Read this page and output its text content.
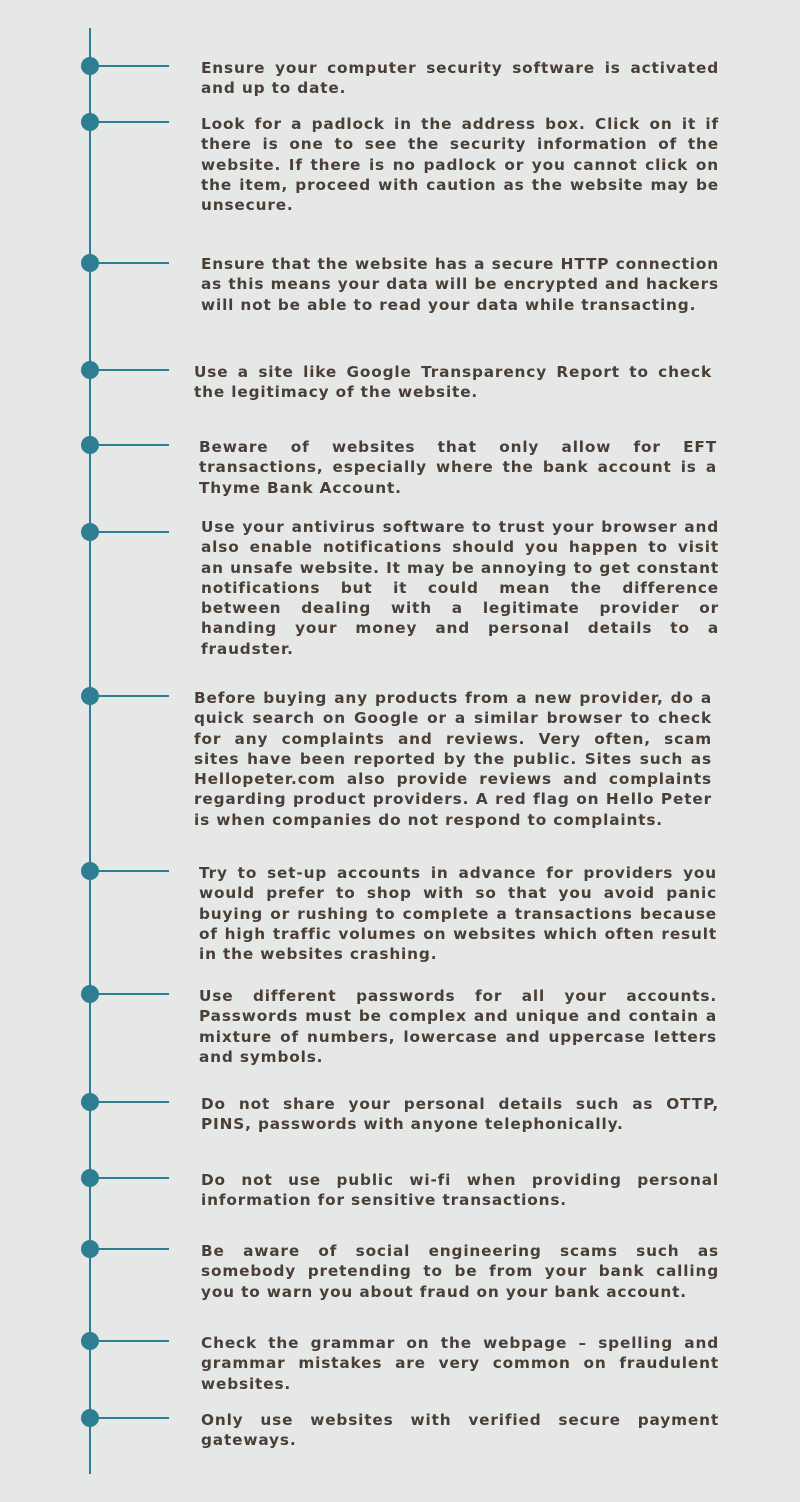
Ensure your computer security software is activated and up to date.

Look for a padlock in the address box. Click on it if there is one to see the security information of the website. If there is no padlock or you cannot click on the item, proceed with caution as the website may be unsecure.

Ensure that the website has a secure HTTP connection as this means your data will be encrypted and hackers will not be able to read your data while transacting.

Use a site like Google Transparency Report to check the legitimacy of the website.

Beware of websites that only allow for EFT transactions, especially where the bank account is a Thyme Bank Account.

Use your antivirus software to trust your browser and also enable notifications should you happen to visit an unsafe website. It may be annoying to get constant notifications but it could mean the difference between dealing with a legitimate provider or handing your money and personal details to a fraudster.

Before buying any products from a new provider, do a quick search on Google or a similar browser to check for any complaints and reviews. Very often, scam sites have been reported by the public. Sites such as Hellopeter.com also provide reviews and complaints regarding product providers. A red flag on Hello Peter is when companies do not respond to complaints.

Try to set-up accounts in advance for providers you would prefer to shop with so that you avoid panic buying or rushing to complete a transactions because of high traffic volumes on websites which often result in the websites crashing.

Use different passwords for all your accounts. Passwords must be complex and unique and contain a mixture of numbers, lowercase and uppercase letters and symbols.

Do not share your personal details such as OTTP, PINS, passwords with anyone telephonically.

Do not use public wi-fi when providing personal information for sensitive transactions.

Be aware of social engineering scams such as somebody pretending to be from your bank calling you to warn you about fraud on your bank account.

Check the grammar on the webpage – spelling and grammar mistakes are very common on fraudulent websites.

Only use websites with verified secure payment gateways.
